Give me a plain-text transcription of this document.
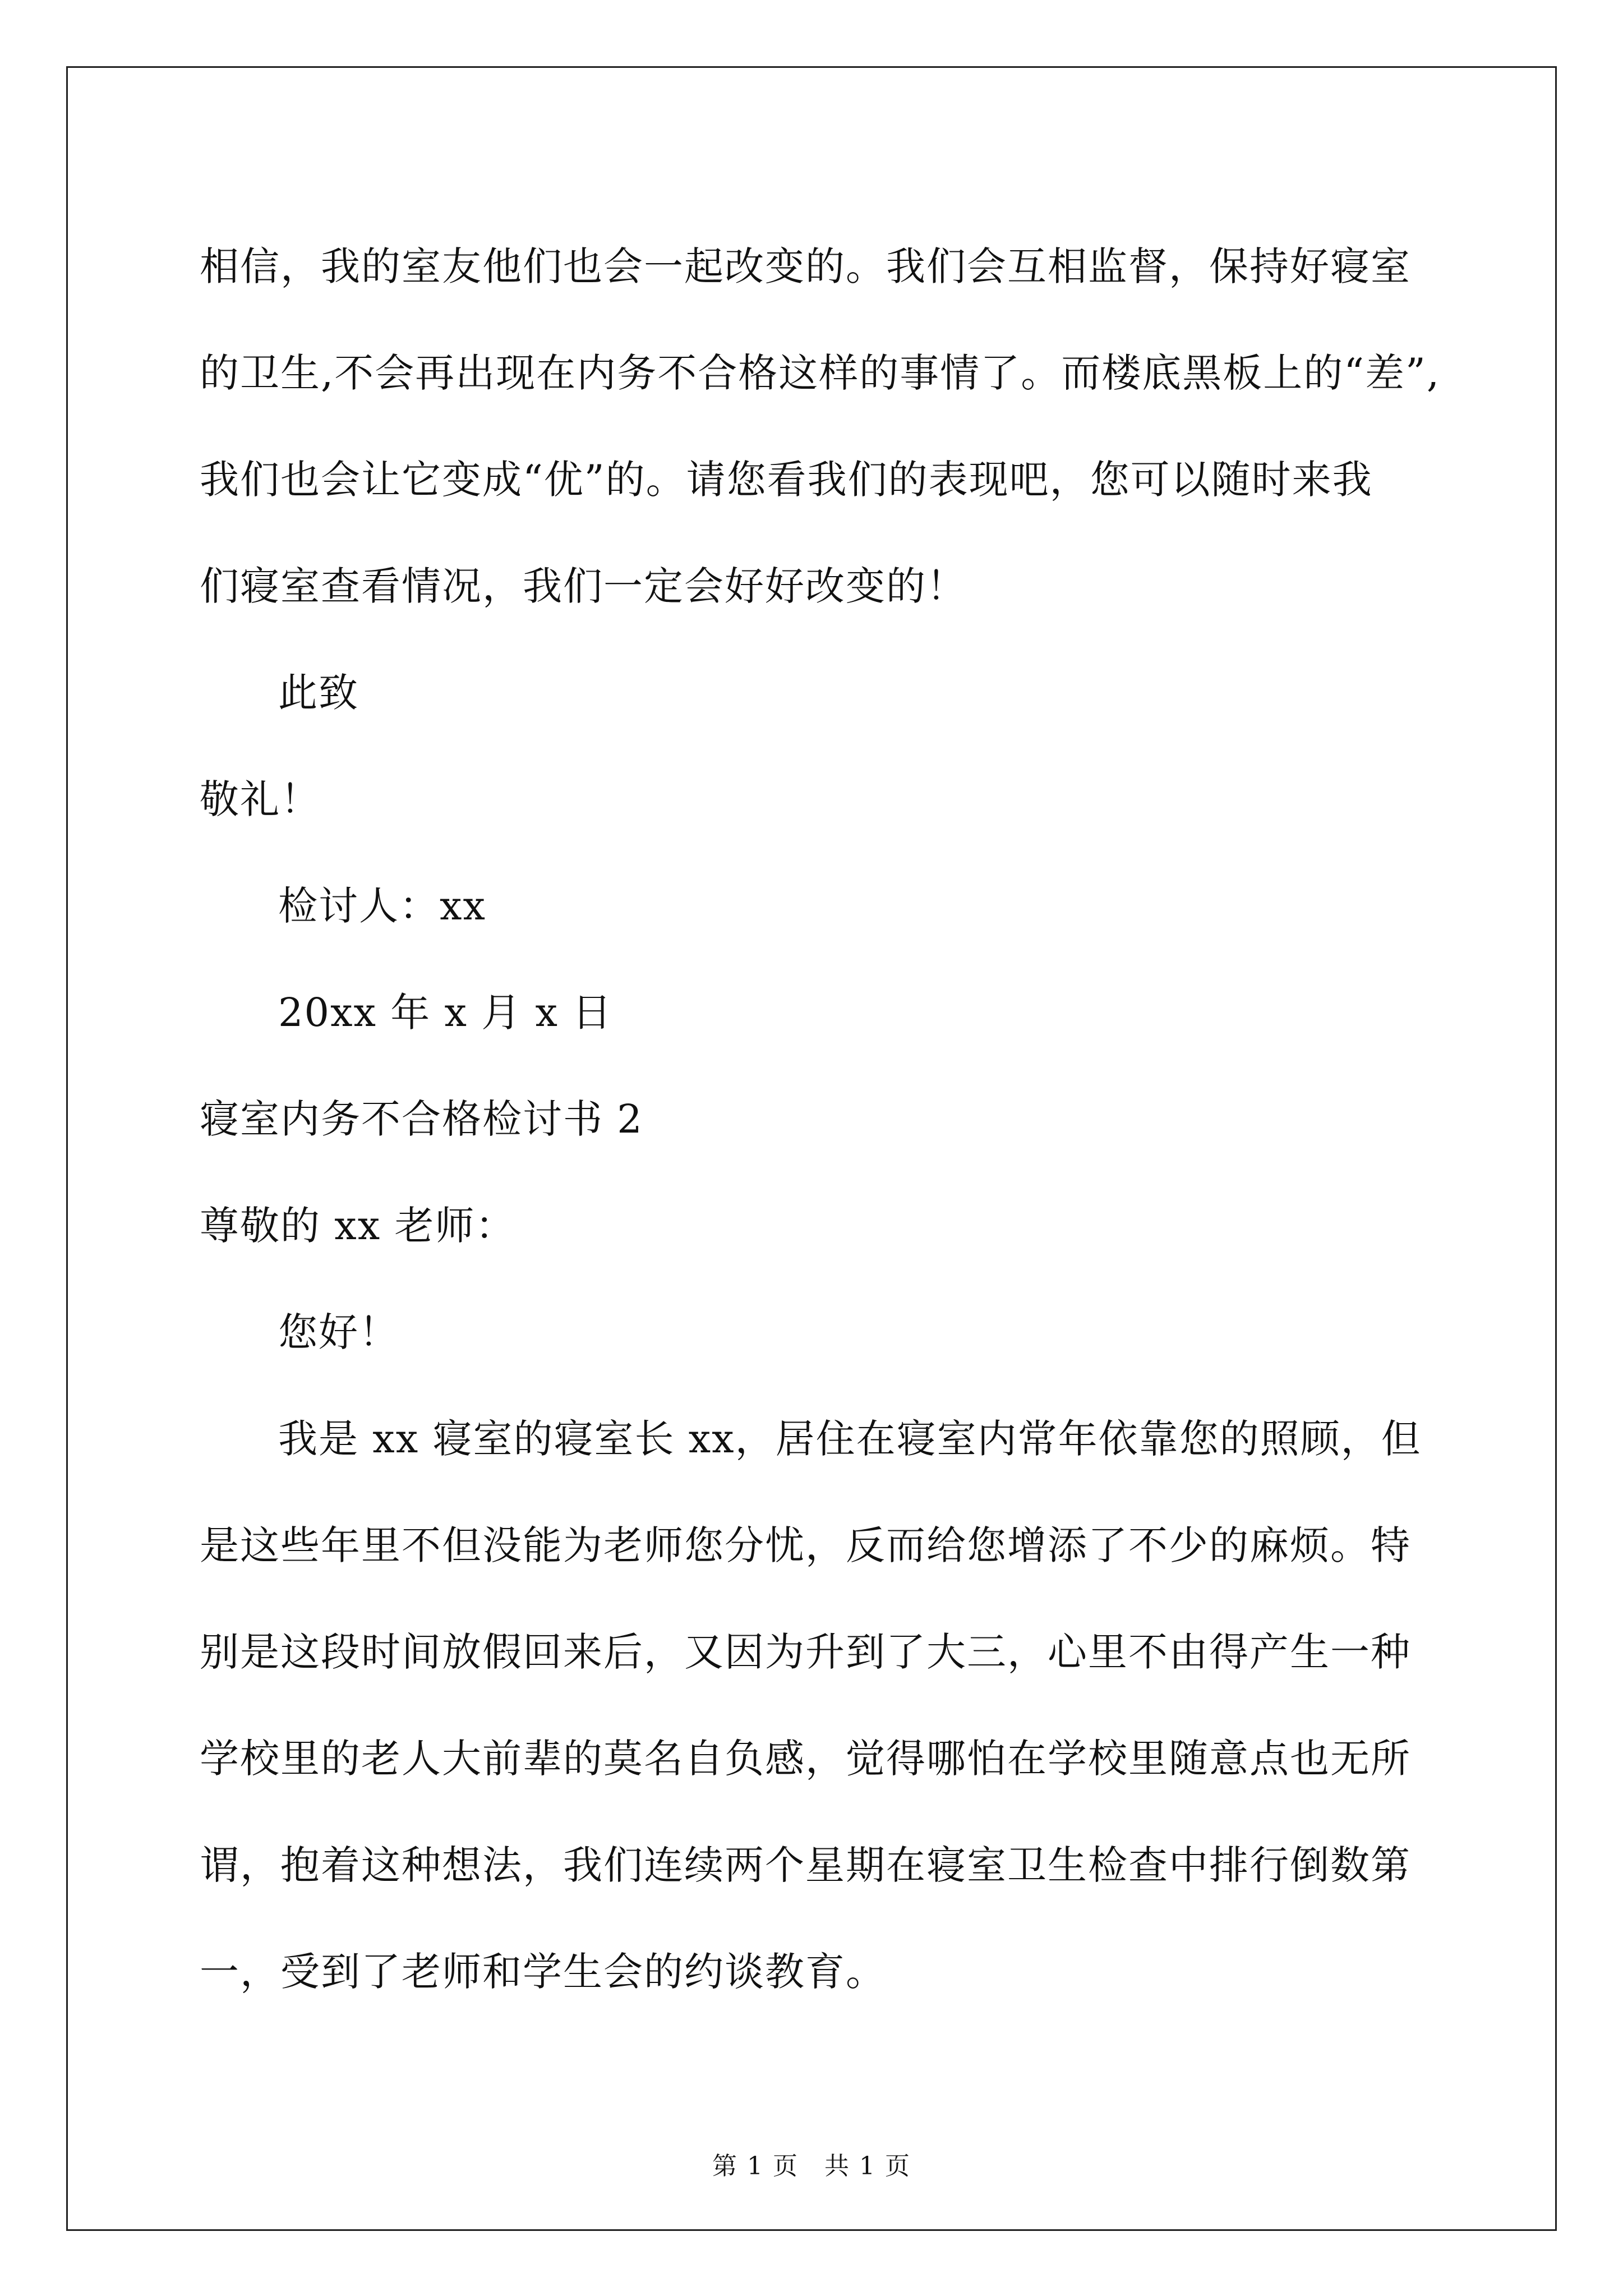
相信，我的室友他们也会一起改变的。我们会互相监督，保持好寝室
的卫生,不会再出现在内务不合格这样的事情了。而楼底黑板上的“差”,
我们也会让它变成“优”的。请您看我们的表现吧，您可以随时来我
们寝室查看情况，我们一定会好好改变的！
此致
敬礼！
检讨人：xx
20xx 年 x 月 x 日
寝室内务不合格检讨书 2
尊敬的 xx 老师：
您好！
我是 xx 寝室的寝室长 xx，居住在寝室内常年依靠您的照顾，但
是这些年里不但没能为老师您分忧，反而给您增添了不少的麻烦。特
别是这段时间放假回来后，又因为升到了大三，心里不由得产生一种
学校里的老人大前辈的莫名自负感，觉得哪怕在学校里随意点也无所
谓，抱着这种想法，我们连续两个星期在寝室卫生检查中排行倒数第
一，受到了老师和学生会的约谈教育。
第 1 页　共 1 页
